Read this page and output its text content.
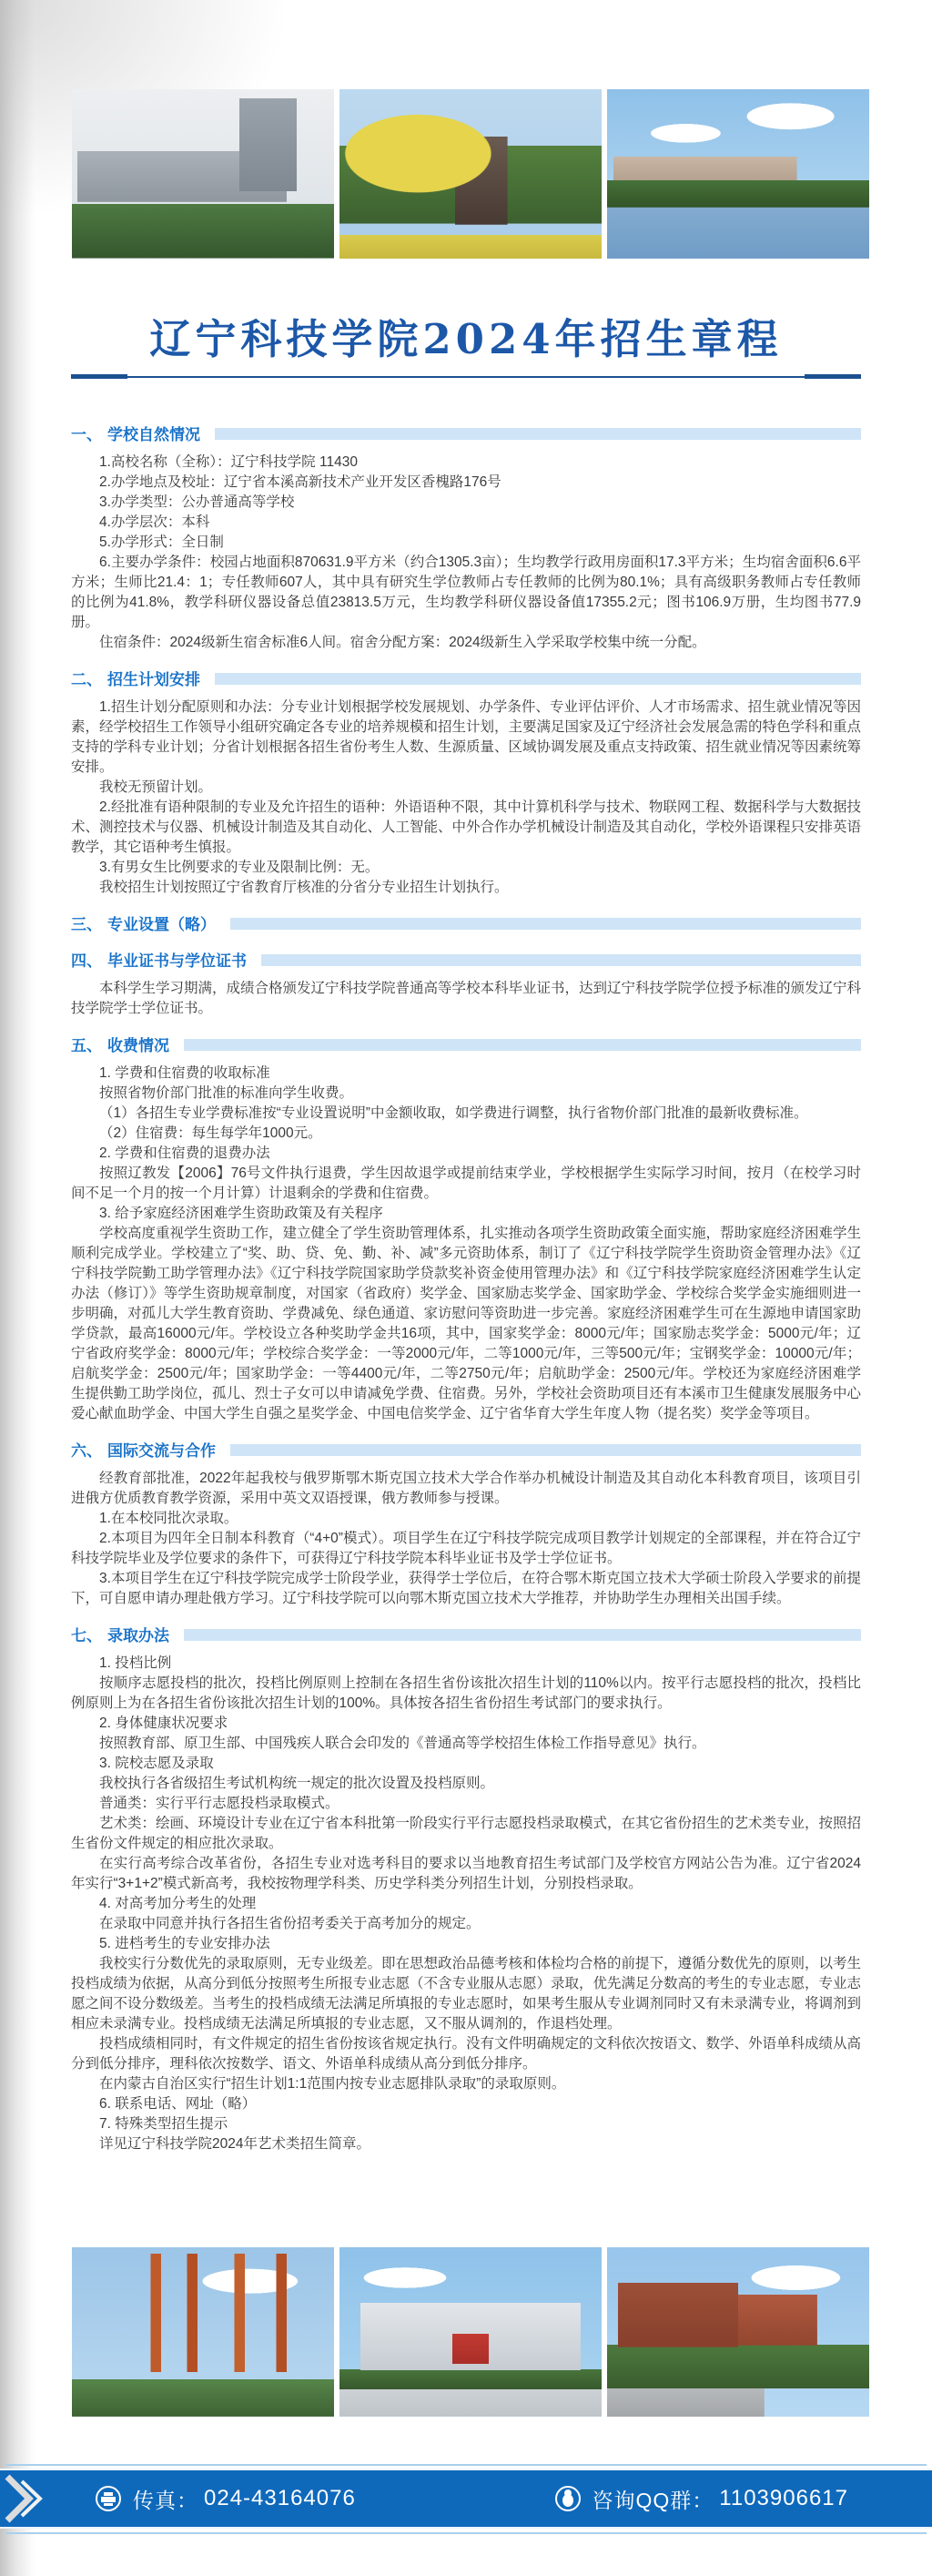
辽宁科技学院2024年招生章程
一、 学校自然情况

1.高校名称（全称）：辽宁科技学院 11430

2.办学地点及校址：辽宁省本溪高新技术产业开发区香槐路176号

3.办学类型：公办普通高等学校

4.办学层次：本科

5.办学形式：全日制

6.主要办学条件：校园占地面积870631.9平方米（约合1305.3亩）；生均教学行政用房面积17.3平方米；生均宿舍面积6.6平方米；生师比21.4：1；专任教师607人，其中具有研究生学位教师占专任教师的比例为80.1%；具有高级职务教师占专任教师的比例为41.8%，教学科研仪器设备总值23813.5万元，生均教学科研仪器设备值17355.2元；图书106.9万册，生均图书77.9册。

住宿条件：2024级新生宿舍标准6人间。宿舍分配方案：2024级新生入学采取学校集中统一分配。

二、 招生计划安排

1.招生计划分配原则和办法：分专业计划根据学校发展规划、办学条件、专业评估评价、人才市场需求、招生就业情况等因素，经学校招生工作领导小组研究确定各专业的培养规模和招生计划，主要满足国家及辽宁经济社会发展急需的特色学科和重点支持的学科专业计划；分省计划根据各招生省份考生人数、生源质量、区域协调发展及重点支持政策、招生就业情况等因素统筹安排。

我校无预留计划。

2.经批准有语种限制的专业及允许招生的语种：外语语种不限，其中计算机科学与技术、物联网工程、数据科学与大数据技术、测控技术与仪器、机械设计制造及其自动化、人工智能、中外合作办学机械设计制造及其自动化，学校外语课程只安排英语教学，其它语种考生慎报。

3.有男女生比例要求的专业及限制比例：无。

我校招生计划按照辽宁省教育厅核准的分省分专业招生计划执行。

三、 专业设置（略）
四、 毕业证书与学位证书

本科学生学习期满，成绩合格颁发辽宁科技学院普通高等学校本科毕业证书，达到辽宁科技学院学位授予标准的颁发辽宁科技学院学士学位证书。

五、 收费情况

1. 学费和住宿费的收取标准

按照省物价部门批准的标准向学生收费。

（1）各招生专业学费标准按“专业设置说明”中金额收取，如学费进行调整，执行省物价部门批准的最新收费标准。

（2）住宿费：每生每学年1000元。

2. 学费和住宿费的退费办法

按照辽教发【2006】76号文件执行退费，学生因故退学或提前结束学业，学校根据学生实际学习时间，按月（在校学习时间不足一个月的按一个月计算）计退剩余的学费和住宿费。

3. 给予家庭经济困难学生资助政策及有关程序

学校高度重视学生资助工作，建立健全了学生资助管理体系，扎实推动各项学生资助政策全面实施，帮助家庭经济困难学生顺利完成学业。学校建立了“奖、助、贷、免、勤、补、减”多元资助体系，制订了《辽宁科技学院学生资助资金管理办法》《辽宁科技学院勤工助学管理办法》《辽宁科技学院国家助学贷款奖补资金使用管理办法》和《辽宁科技学院家庭经济困难学生认定办法（修订）》等学生资助规章制度，对国家（省政府）奖学金、国家励志奖学金、国家助学金、学校综合奖学金实施细则进一步明确，对孤儿大学生教育资助、学费减免、绿色通道、家访慰问等资助进一步完善。家庭经济困难学生可在生源地申请国家助学贷款，最高16000元/年。学校设立各种奖助学金共16项，其中，国家奖学金：8000元/年；国家励志奖学金：5000元/年；辽宁省政府奖学金：8000元/年；学校综合奖学金：一等2000元/年，二等1000元/年，三等500元/年；宝钢奖学金：10000元/年；启航奖学金：2500元/年；国家助学金：一等4400元/年，二等2750元/年；启航助学金：2500元/年。学校还为家庭经济困难学生提供勤工助学岗位，孤儿、烈士子女可以申请减免学费、住宿费。另外，学校社会资助项目还有本溪市卫生健康发展服务中心爱心献血助学金、中国大学生自强之星奖学金、中国电信奖学金、辽宁省华育大学生年度人物（提名奖）奖学金等项目。

六、 国际交流与合作

经教育部批准，2022年起我校与俄罗斯鄂木斯克国立技术大学合作举办机械设计制造及其自动化本科教育项目，该项目引进俄方优质教育教学资源，采用中英文双语授课，俄方教师参与授课。

1.在本校同批次录取。

2.本项目为四年全日制本科教育（“4+0”模式）。项目学生在辽宁科技学院完成项目教学计划规定的全部课程，并在符合辽宁科技学院毕业及学位要求的条件下，可获得辽宁科技学院本科毕业证书及学士学位证书。

3.本项目学生在辽宁科技学院完成学士阶段学业，获得学士学位后，在符合鄂木斯克国立技术大学硕士阶段入学要求的前提下，可自愿申请办理赴俄方学习。辽宁科技学院可以向鄂木斯克国立技术大学推荐，并协助学生办理相关出国手续。

七、 录取办法

1. 投档比例

按顺序志愿投档的批次，投档比例原则上控制在各招生省份该批次招生计划的110%以内。按平行志愿投档的批次，投档比例原则上为在各招生省份该批次招生计划的100%。具体按各招生省份招生考试部门的要求执行。

2. 身体健康状况要求

按照教育部、原卫生部、中国残疾人联合会印发的《普通高等学校招生体检工作指导意见》执行。

3. 院校志愿及录取

我校执行各省级招生考试机构统一规定的批次设置及投档原则。

普通类：实行平行志愿投档录取模式。

艺术类：绘画、环境设计专业在辽宁省本科批第一阶段实行平行志愿投档录取模式，在其它省份招生的艺术类专业，按照招生省份文件规定的相应批次录取。

在实行高考综合改革省份，各招生专业对选考科目的要求以当地教育招生考试部门及学校官方网站公告为准。辽宁省2024年实行“3+1+2”模式新高考，我校按物理学科类、历史学科类分列招生计划，分别投档录取。

4. 对高考加分考生的处理

在录取中同意并执行各招生省份招考委关于高考加分的规定。

5. 进档考生的专业安排办法

我校实行分数优先的录取原则，无专业级差。即在思想政治品德考核和体检均合格的前提下，遵循分数优先的原则，以考生投档成绩为依据，从高分到低分按照考生所报专业志愿（不含专业服从志愿）录取，优先满足分数高的考生的专业志愿，专业志愿之间不设分数级差。当考生的投档成绩无法满足所填报的专业志愿时，如果考生服从专业调剂同时又有未录满专业，将调剂到相应未录满专业。投档成绩无法满足所填报的专业志愿，又不服从调剂的，作退档处理。

投档成绩相同时，有文件规定的招生省份按该省规定执行。没有文件明确规定的文科依次按语文、数学、外语单科成绩从高分到低分排序，理科依次按数学、语文、外语单科成绩从高分到低分排序。

在内蒙古自治区实行“招生计划1:1范围内按专业志愿排队录取”的录取原则。

6. 联系电话、网址（略）

7. 特殊类型招生提示

详见辽宁科技学院2024年艺术类招生简章。

传真： 024-43164076	咨询QQ群： 1103906617
